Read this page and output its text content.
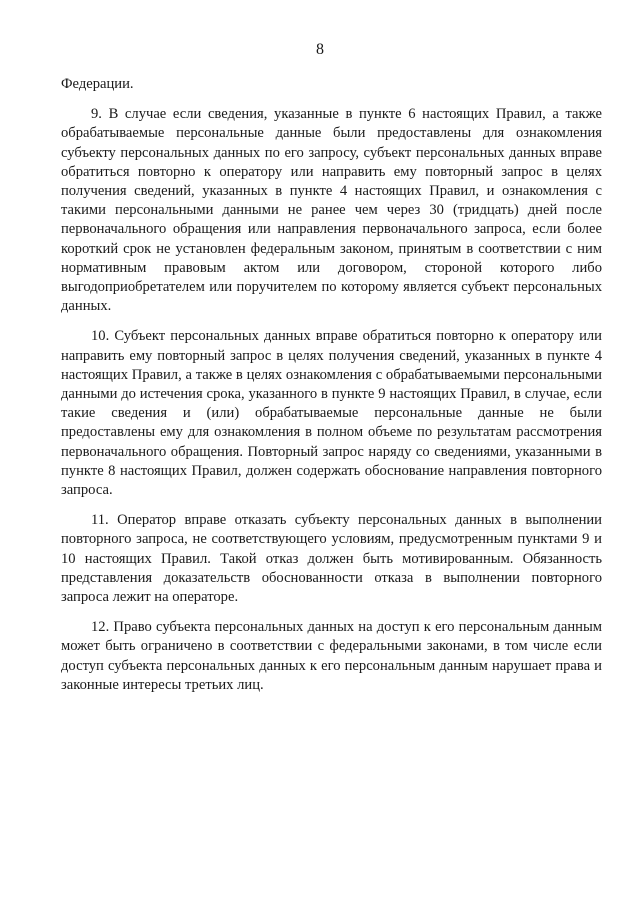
8

Федерации.

9. В случае если сведения, указанные в пункте 6 настоящих Правил, а также обрабатываемые персональные данные были предоставлены для ознакомления субъекту персональных данных по его запросу, субъект персональных данных вправе обратиться повторно к оператору или направить ему повторный запрос в целях получения сведений, указанных в пункте 4 настоящих Правил, и ознакомления с такими персональными данными не ранее чем через 30 (тридцать) дней после первоначального обращения или направления первоначального запроса, если более короткий срок не установлен федеральным законом, принятым в соответствии с ним нормативным правовым актом или договором, стороной которого либо выгодоприобретателем или поручителем по которому является субъект персональных данных.

10. Субъект персональных данных вправе обратиться повторно к оператору или направить ему повторный запрос в целях получения сведений, указанных в пункте 4 настоящих Правил, а также в целях ознакомления с обрабатываемыми персональными данными до истечения срока, указанного в пункте 9 настоящих Правил, в случае, если такие сведения и (или) обрабатываемые персональные данные не были предоставлены ему для ознакомления в полном объеме по результатам рассмотрения первоначального обращения. Повторный запрос наряду со сведениями, указанными в пункте 8 настоящих Правил, должен содержать обоснование направления повторного запроса.

11. Оператор вправе отказать субъекту персональных данных в выполнении повторного запроса, не соответствующего условиям, предусмотренным пунктами 9 и 10 настоящих Правил. Такой отказ должен быть мотивированным. Обязанность представления доказательств обоснованности отказа в выполнении повторного запроса лежит на операторе.

12. Право субъекта персональных данных на доступ к его персональным данным может быть ограничено в соответствии с федеральными законами, в том числе если доступ субъекта персональных данных к его персональным данным нарушает права и законные интересы третьих лиц.
